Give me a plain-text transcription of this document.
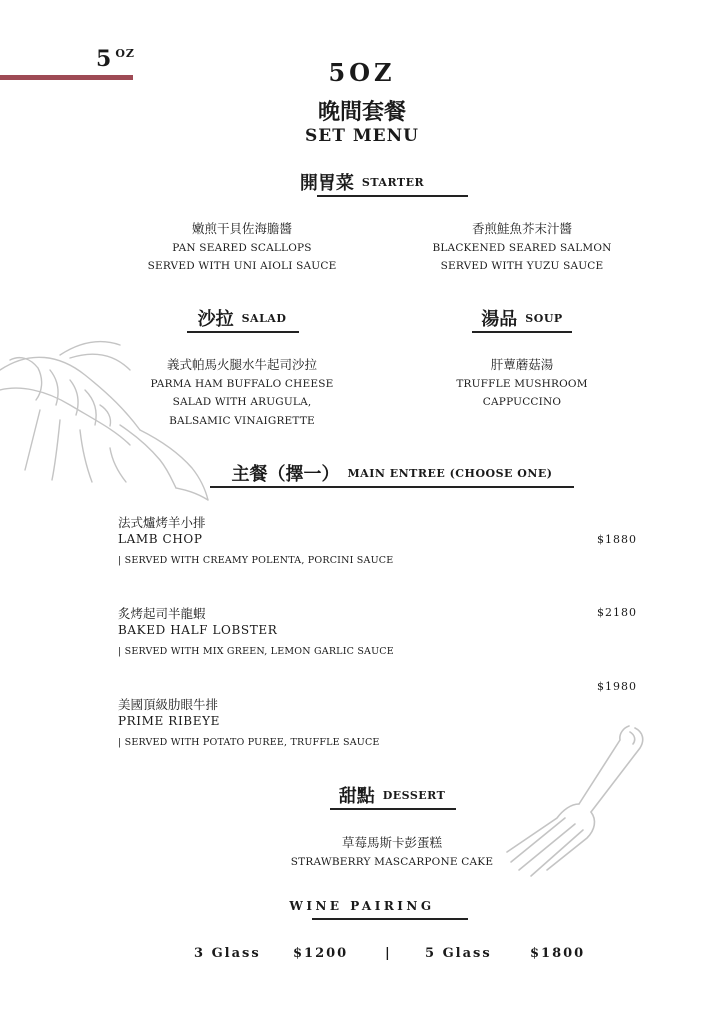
5 $^{OZ}$
5OZ
晚間套餐
SET MENU
開胃菜 STARTER
嫩煎干貝佐海膽醬
PAN SEARED SCALLOPS
SERVED WITH UNI AIOLI SAUCE
香煎鮭魚芥末汁醬
BLACKENED SEARED SALMON
SERVED WITH YUZU SAUCE
沙拉 SALAD	湯品 SOUP
義式帕馬火腿水牛起司沙拉
PARMA HAM BUFFALO CHEESE
SALAD WITH ARUGULA,
BALSAMIC VINAIGRETTE
肝蕈蘑菇湯
TRUFFLE MUSHROOM
CAPPUCCINO
主餐（擇一） MAIN ENTREE (CHOOSE ONE)
法式爐烤羊小排
LAMB CHOP
| SERVED WITH CREAMY POLENTA, PORCINI SAUCE
$1880
炙烤起司半龍蝦
BAKED HALF LOBSTER
| SERVED WITH MIX GREEN, LEMON GARLIC SAUCE
$2180
美國頂級肋眼牛排
PRIME RIBEYE
| SERVED WITH POTATO PUREE, TRUFFLE SAUCE
$1980
甜點 DESSERT
草莓馬斯卡彭蛋糕
STRAWBERRY MASCARPONE CAKE
WINE PAIRING
3 Glass $1200	|	5 Glass	$1800
